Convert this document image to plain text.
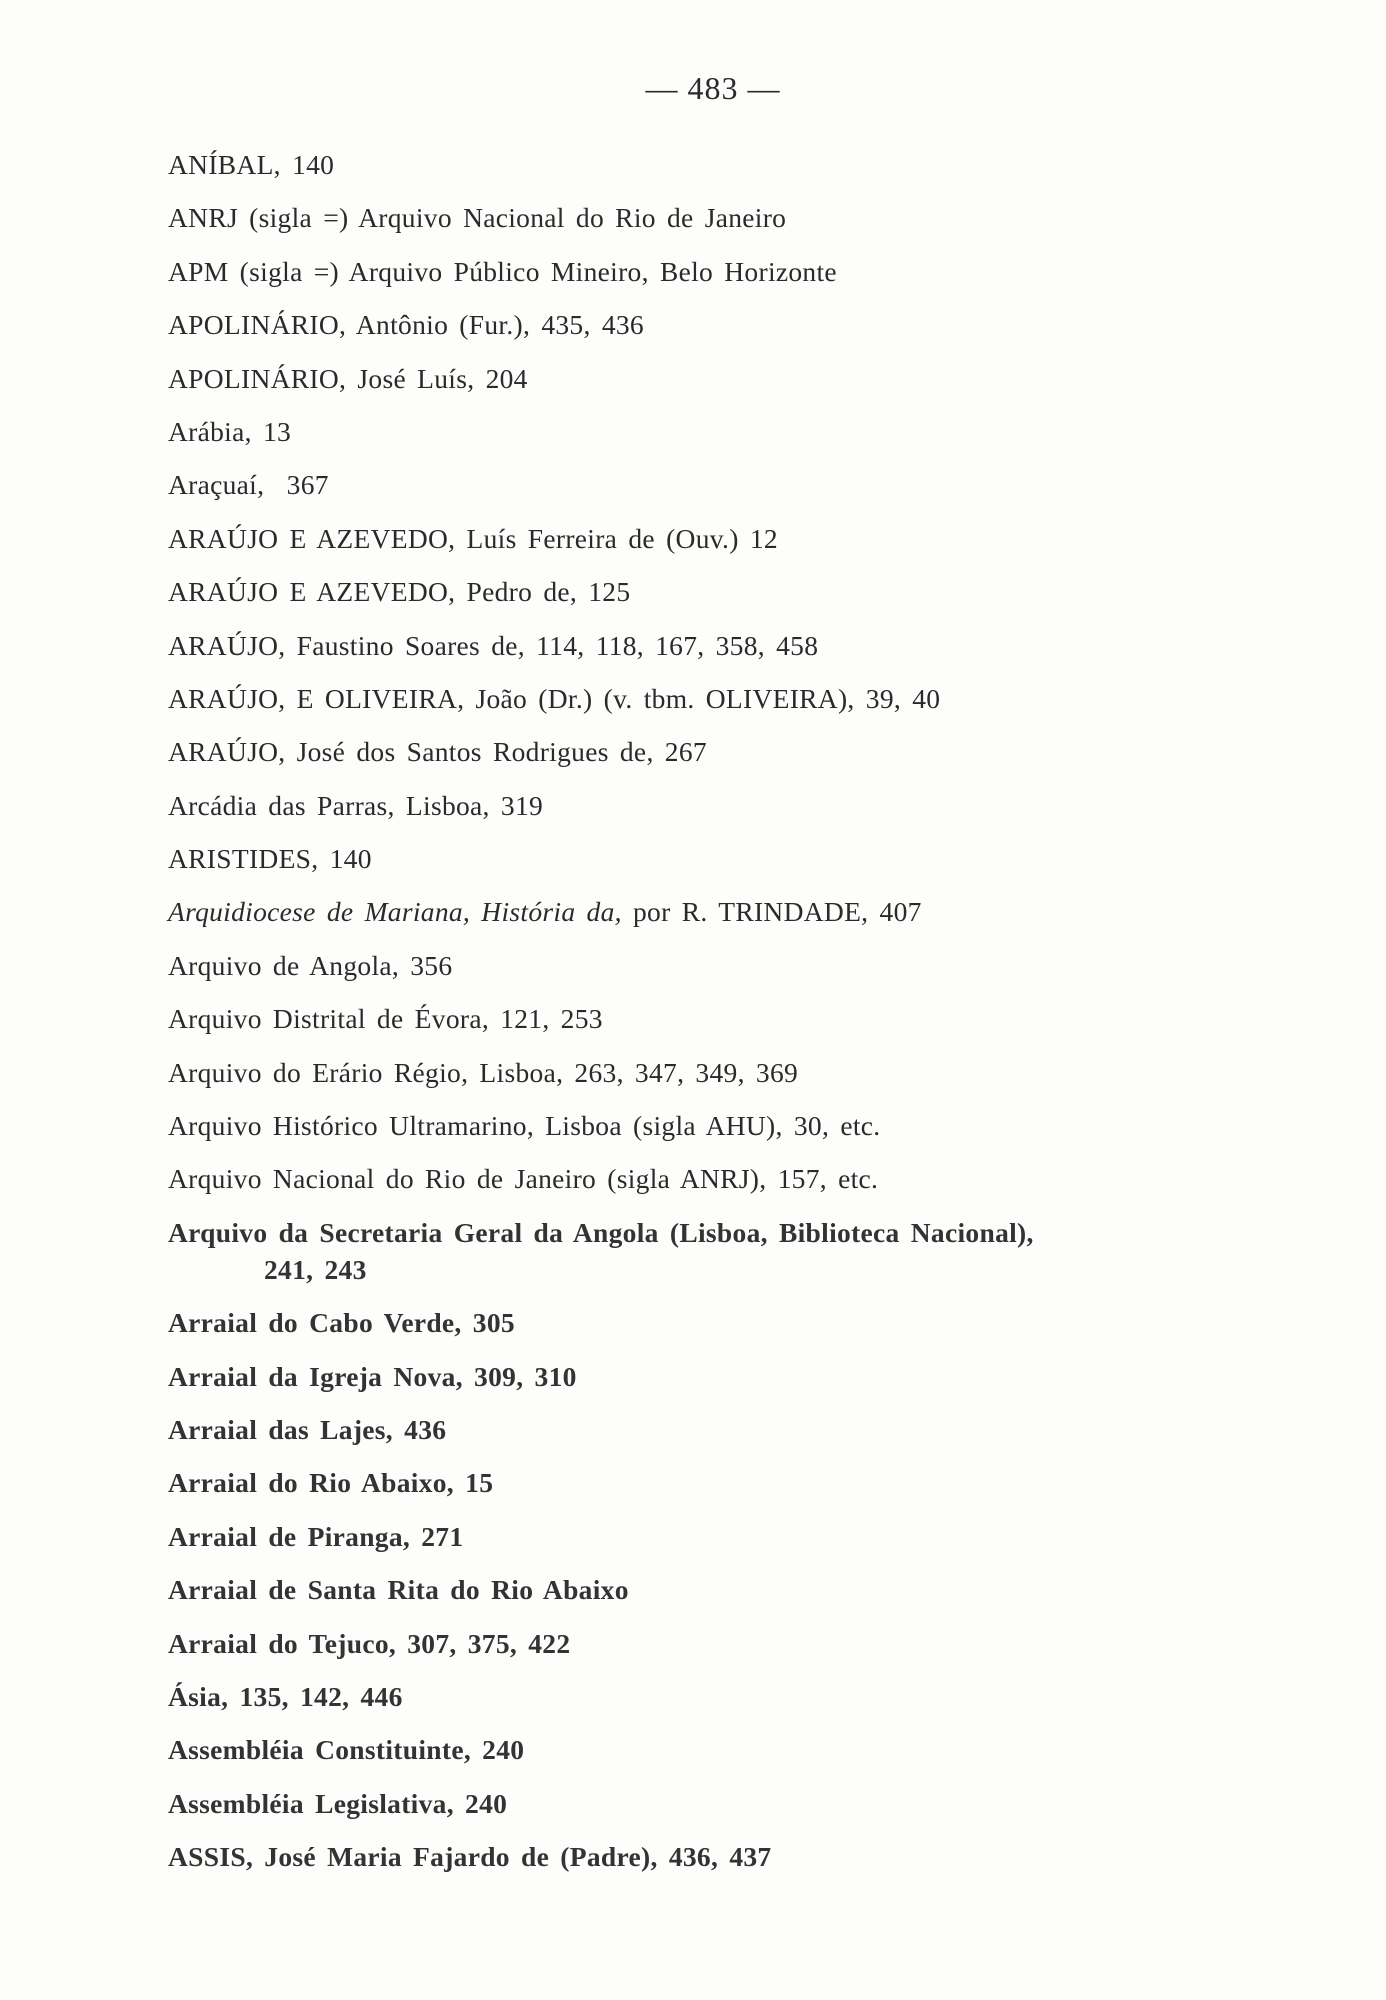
— 483 —
ANÍBAL, 140
ANRJ (sigla =) Arquivo Nacional do Rio de Janeiro
APM (sigla =) Arquivo Público Mineiro, Belo Horizonte
APOLINÁRIO, Antônio (Fur.), 435, 436
APOLINÁRIO, José Luís, 204
Arábia, 13
Araçuaí,  367
ARAÚJO E AZEVEDO, Luís Ferreira de (Ouv.) 12
ARAÚJO E AZEVEDO, Pedro de, 125
ARAÚJO, Faustino Soares de, 114, 118, 167, 358, 458
ARAÚJO, E OLIVEIRA, João (Dr.) (v. tbm. OLIVEIRA), 39, 40
ARAÚJO, José dos Santos Rodrigues de, 267
Arcádia das Parras, Lisboa, 319
ARISTIDES, 140
Arquidiocese de Mariana, História da, por R. TRINDADE, 407
Arquivo de Angola, 356
Arquivo Distrital de Évora, 121, 253
Arquivo do Erário Régio, Lisboa, 263, 347, 349, 369
Arquivo Histórico Ultramarino, Lisboa (sigla AHU), 30, etc.
Arquivo Nacional do Rio de Janeiro (sigla ANRJ), 157, etc.
Arquivo da Secretaria Geral da Angola (Lisboa, Biblioteca Nacional),
241, 243
Arraial do Cabo Verde, 305
Arraial da Igreja Nova, 309, 310
Arraial das Lajes, 436
Arraial do Rio Abaixo, 15
Arraial de Piranga, 271
Arraial de Santa Rita do Rio Abaixo
Arraial do Tejuco, 307, 375, 422
Ásia, 135, 142, 446
Assembléia Constituinte, 240
Assembléia Legislativa, 240
ASSIS, José Maria Fajardo de (Padre), 436, 437
